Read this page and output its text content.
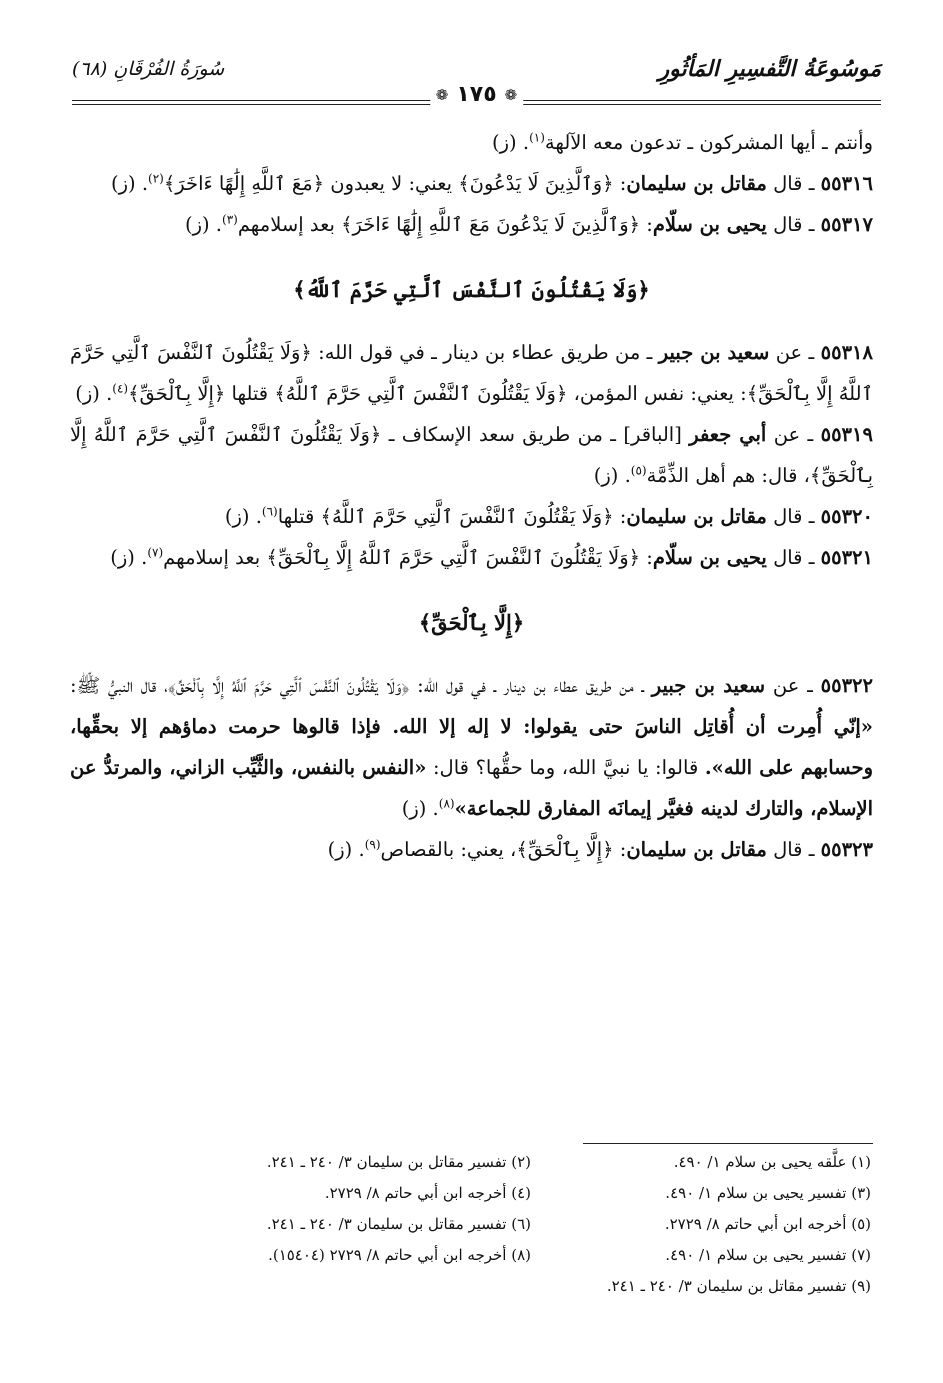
مَوسُوعَةُ التَّفسِيرِ المَأثُورِ
سُورَةُ الفُرْقَانِ (٦٨)
❁
١٧٥
❁

وأنتم ـ أيها المشركون ـ تدعون معه الآلهة$^{(١)}$. (ز)

٥٥٣١٦ ـ قال مقاتل بن سليمان: ﴿وَٱلَّذِينَ لَا يَدْعُونَ﴾ يعني: لا يعبدون ﴿مَعَ ٱللَّهِ إِلَٰهًا ءَاخَرَ﴾$^{(٢)}$. (ز)

٥٥٣١٧ ـ قال يحيى بن سلّام: ﴿وَٱلَّذِينَ لَا يَدْعُونَ مَعَ ٱللَّهِ إِلَٰهًا ءَاخَرَ﴾ بعد إسلامهم$^{(٣)}$. (ز)

﴿وَلَا يَقْتُلُونَ ٱلنَّفْسَ ٱلَّتِي حَرَّمَ ٱللَّهُ﴾

٥٥٣١٨ ـ عن سعيد بن جبير ـ من طريق عطاء بن دينار ـ في قول الله: ﴿وَلَا يَقْتُلُونَ ٱلنَّفْسَ ٱلَّتِي حَرَّمَ ٱللَّهُ إِلَّا بِٱلْحَقِّ﴾: يعني: نفس المؤمن، ﴿وَلَا يَقْتُلُونَ ٱلنَّفْسَ ٱلَّتِي حَرَّمَ ٱللَّهُ﴾ قتلها ﴿إِلَّا بِٱلْحَقِّ﴾$^{(٤)}$. (ز)

٥٥٣١٩ ـ عن أبي جعفر [الباقر] ـ من طريق سعد الإسكاف ـ ﴿وَلَا يَقْتُلُونَ ٱلنَّفْسَ ٱلَّتِي حَرَّمَ ٱللَّهُ إِلَّا بِٱلْحَقِّ﴾، قال: هم أهل الذِّمَّة$^{(٥)}$. (ز)

٥٥٣٢٠ ـ قال مقاتل بن سليمان: ﴿وَلَا يَقْتُلُونَ ٱلنَّفْسَ ٱلَّتِي حَرَّمَ ٱللَّهُ﴾ قتلها$^{(٦)}$. (ز)

٥٥٣٢١ ـ قال يحيى بن سلّام: ﴿وَلَا يَقْتُلُونَ ٱلنَّفْسَ ٱلَّتِي حَرَّمَ ٱللَّهُ إِلَّا بِٱلْحَقِّ﴾ بعد إسلامهم$^{(٧)}$. (ز)

﴿إِلَّا بِٱلْحَقِّ﴾

٥٥٣٢٢ ـ عن سعيد بن جبير ـ من طريق عطاء بن دينار ـ في قول الله: ﴿وَلَا يَقْتُلُونَ ٱلنَّفْسَ ٱلَّتِي حَرَّمَ ٱللَّهُ إِلَّا بِٱلْحَقِّ﴾، قال النبيُّ ﷺ: «إنّي أُمِرت أن أُقاتِل الناسَ حتى يقولوا: لا إله إلا الله. فإذا قالوها حرمت دماؤهم إلا بحقِّها، وحسابهم على الله». قالوا: يا نبيَّ الله، وما حقُّها؟ قال: «النفس بالنفس، والثَّيِّب الزاني، والمرتدُّ عن الإسلام، والتارك لدينه فغيَّر إيمانَه المفارق للجماعة»$^{(٨)}$. (ز)

٥٥٣٢٣ ـ قال مقاتل بن سليمان: ﴿إِلَّا بِٱلْحَقِّ﴾، يعني: بالقصاص$^{(٩)}$. (ز)

(١) علَّقه يحيى بن سلام ١/ ٤٩٠.
(٢) تفسير مقاتل بن سليمان ٣/ ٢٤٠ ـ ٢٤١.
(٣) تفسير يحيى بن سلام ١/ ٤٩٠.
(٤) أخرجه ابن أبي حاتم ٨/ ٢٧٢٩.
(٥) أخرجه ابن أبي حاتم ٨/ ٢٧٢٩.
(٦) تفسير مقاتل بن سليمان ٣/ ٢٤٠ ـ ٢٤١.
(٧) تفسير يحيى بن سلام ١/ ٤٩٠.
(٨) أخرجه ابن أبي حاتم ٨/ ٢٧٢٩ (١٥٤٠٤).
(٩) تفسير مقاتل بن سليمان ٣/ ٢٤٠ ـ ٢٤١.
